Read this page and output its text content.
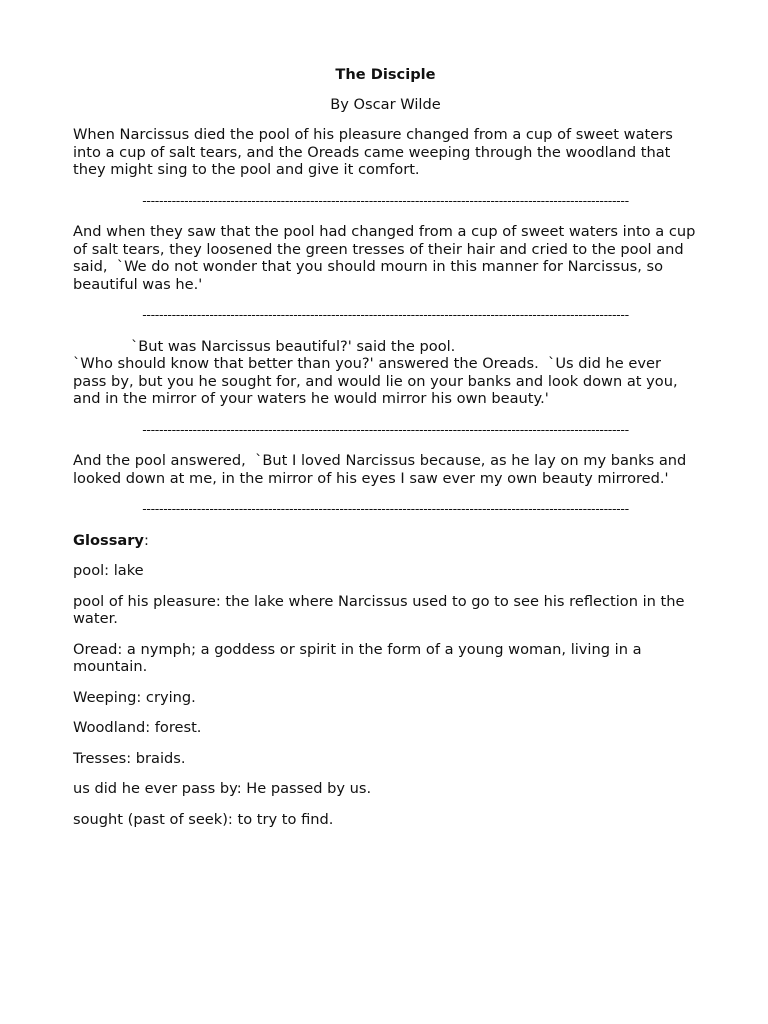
The Disciple

By Oscar Wilde

When Narcissus died the pool of his pleasure changed from a cup of sweet waters into a cup of salt tears, and the Oreads came weeping through the woodland that they might sing to the pool and give it comfort.

--------------------------------------------------------------------------------------------------------------------

And when they saw that the pool had changed from a cup of sweet waters into a cup of salt tears, they loosened the green tresses of their hair and cried to the pool and said,  `We do not wonder that you should mourn in this manner for Narcissus, so beautiful was he.'

--------------------------------------------------------------------------------------------------------------------

`But was Narcissus beautiful?' said the pool.

`Who should know that better than you?' answered the Oreads.  `Us did he ever pass by, but you he sought for, and would lie on your banks and look down at you, and in the mirror of your waters he would mirror his own beauty.'

--------------------------------------------------------------------------------------------------------------------

And the pool answered,  `But I loved Narcissus because, as he lay on my banks and looked down at me, in the mirror of his eyes I saw ever my own beauty mirrored.'

--------------------------------------------------------------------------------------------------------------------

Glossary:

pool: lake

pool of his pleasure: the lake where Narcissus used to go to see his reflection in the water.

Oread: a nymph; a goddess or spirit in the form of a young woman, living in a mountain.

Weeping: crying.

Woodland: forest.

Tresses: braids.

us did he ever pass by: He passed by us.

sought (past of seek): to try to find.
